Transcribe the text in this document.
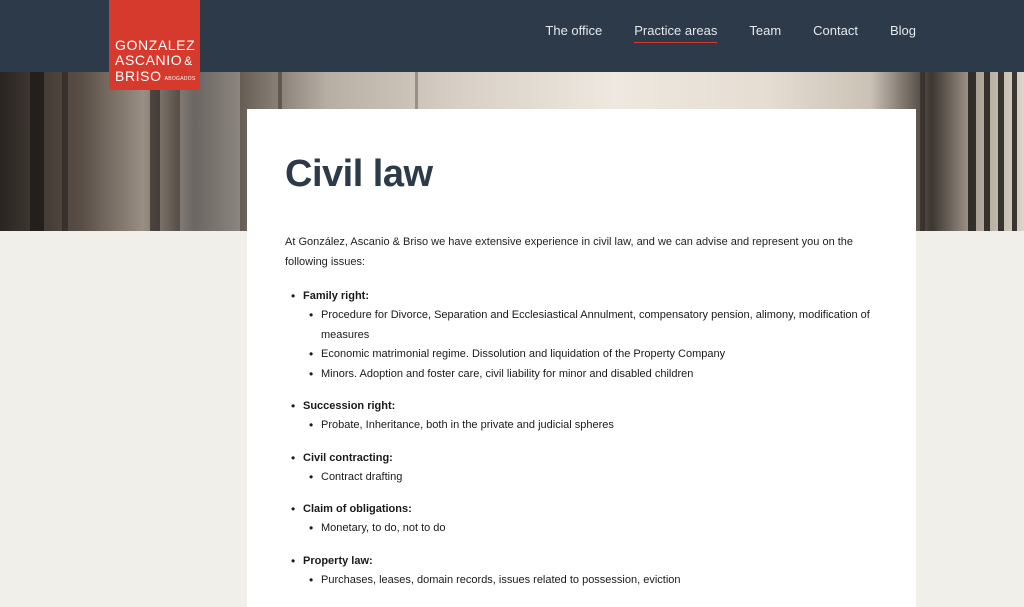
GONZALEZ
ASCANIO &
BRISO $^{ABOGADOS}$
The office Practice areas Team Contact Blog
Civil law

At González, Ascanio & Briso we have extensive experience in civil law, and we can advise and represent you on the following issues:

• Family right:
• Procedure for Divorce, Separation and Ecclesiastical Annulment, compensatory pension, alimony, modification of measures
• Economic matrimonial regime. Dissolution and liquidation of the Property Company
• Minors. Adoption and foster care, civil liability for minor and disabled children
• Succession right:
• Probate, Inheritance, both in the private and judicial spheres
• Civil contracting:
• Contract drafting
• Claim of obligations:
• Monetary, to do, not to do
• Property law:
• Purchases, leases, domain records, issues related to possession, eviction
